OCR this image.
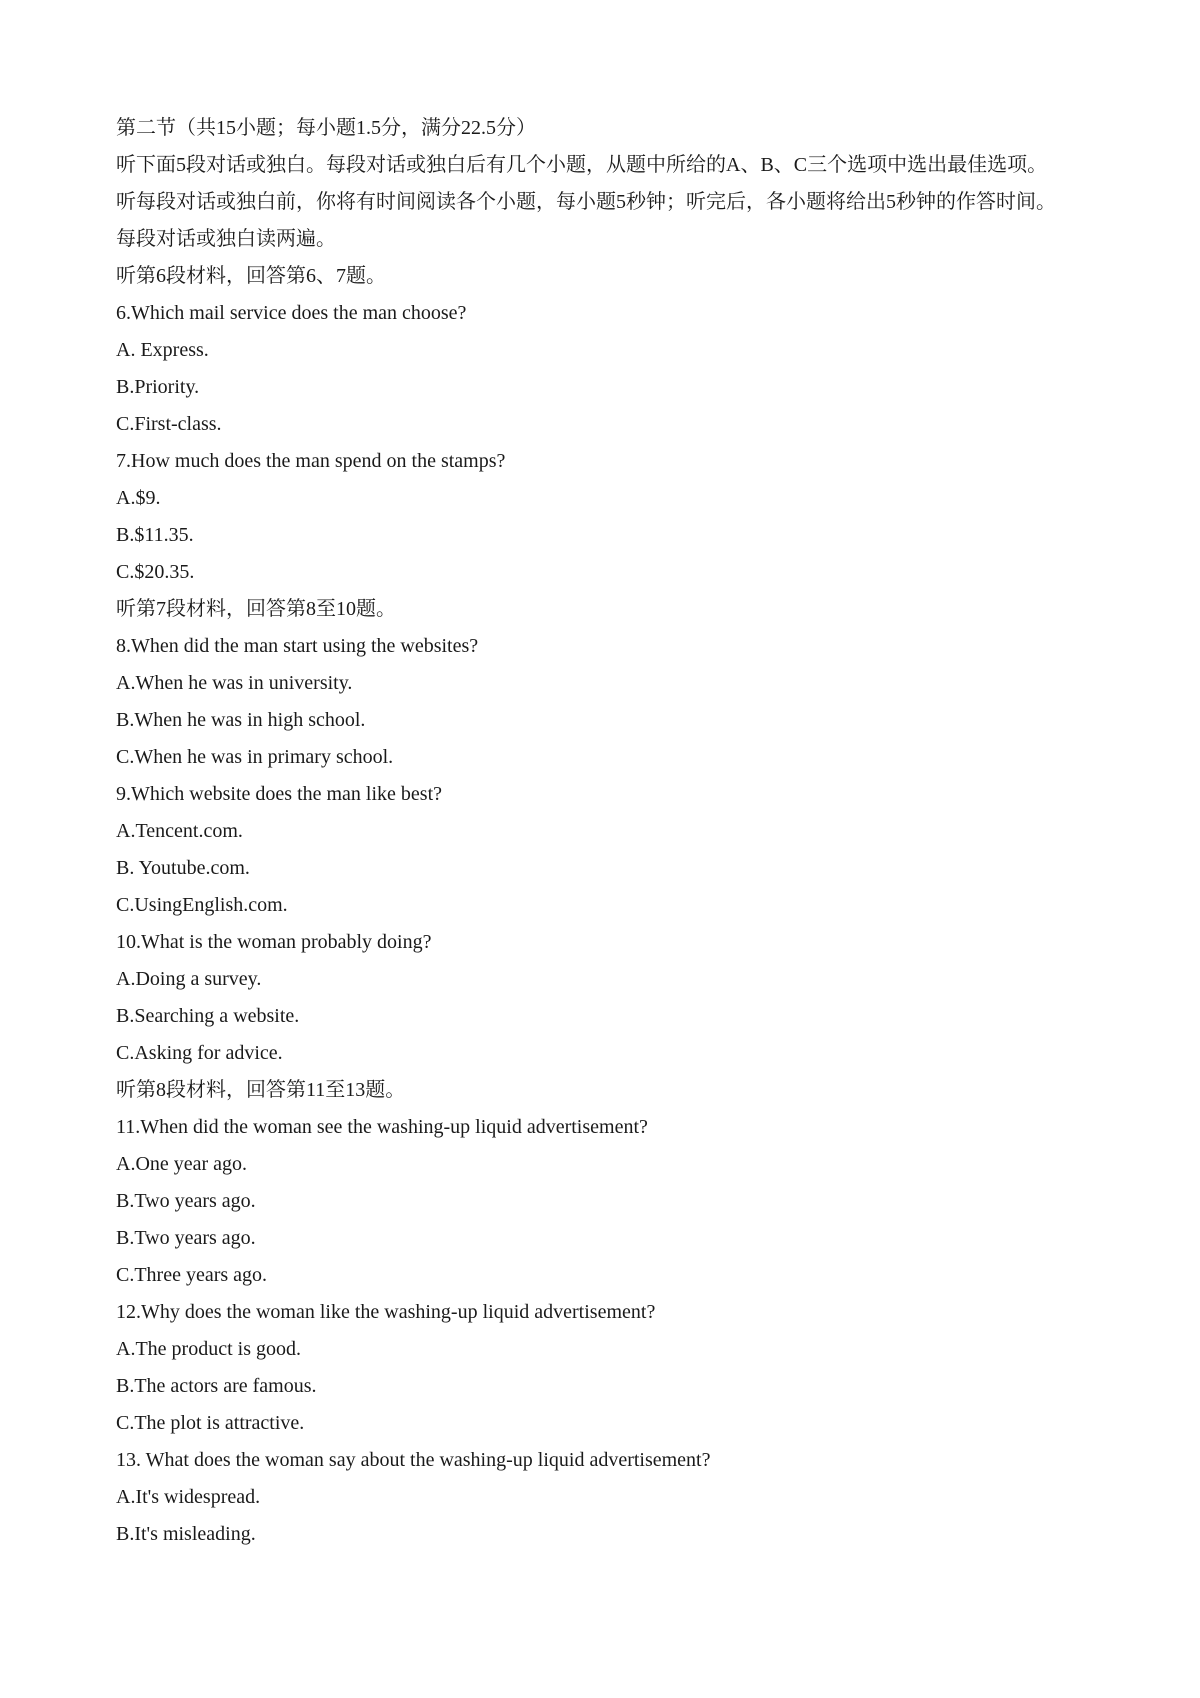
第二节（共15小题；每小题1.5分，满分22.5分）
听下面5段对话或独白。每段对话或独白后有几个小题，从题中所给的A、B、C三个选项中选出最佳选项。
听每段对话或独白前，你将有时间阅读各个小题，每小题5秒钟；听完后，各小题将给出5秒钟的作答时间。
每段对话或独白读两遍。
听第6段材料，回答第6、7题。
6.Which mail service does the man choose?
A. Express.
B.Priority.
C.First-class.
7.How much does the man spend on the stamps?
A.$9.
B.$11.35.
C.$20.35.
听第7段材料，回答第8至10题。
8.When did the man start using the websites?
A.When he was in university.
B.When he was in high school.
C.When he was in primary school.
9.Which website does the man like best?
A.Tencent.com.
B. Youtube.com.
C.UsingEnglish.com.
10.What is the woman probably doing?
A.Doing a survey.
B.Searching a website.
C.Asking for advice.
听第8段材料，回答第11至13题。
11.When did the woman see the washing-up liquid advertisement?
A.One year ago.
B.Two years ago.
B.Two years ago.
C.Three years ago.
12.Why does the woman like the washing-up liquid advertisement?
A.The product is good.
B.The actors are famous.
C.The plot is attractive.
13. What does the woman say about the washing-up liquid advertisement?
A.It's widespread.
B.It's misleading.
